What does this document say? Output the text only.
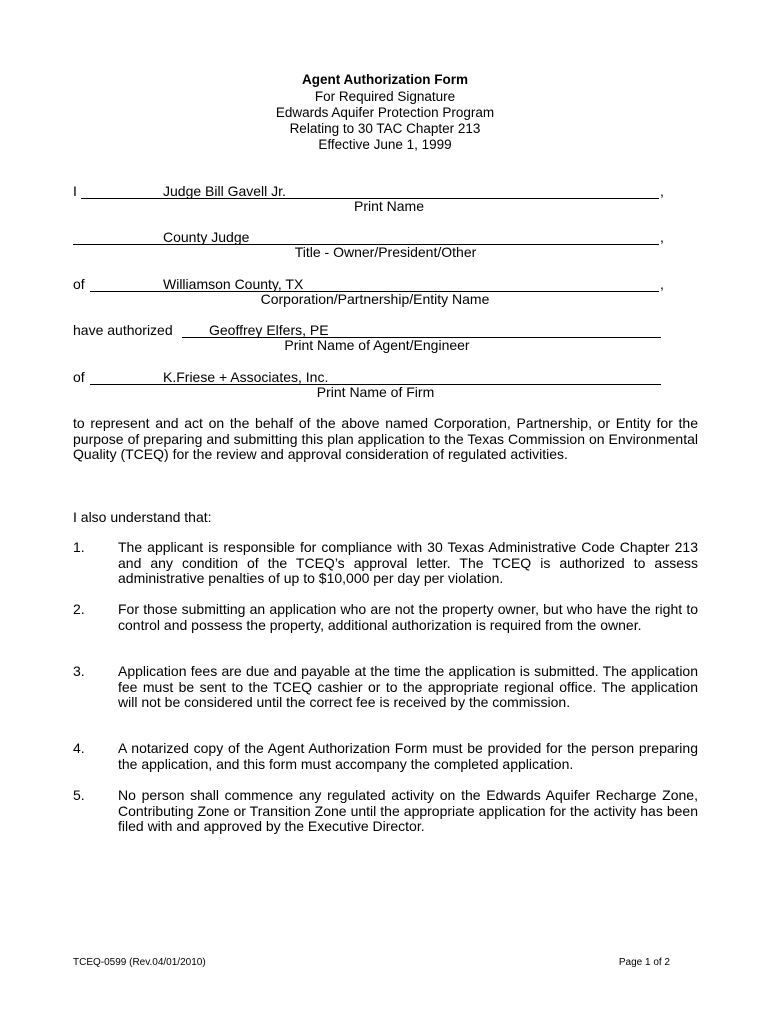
Agent Authorization Form
For Required Signature
Edwards Aquifer Protection Program
Relating to 30 TAC Chapter 213
Effective June 1, 1999
I	Judge Bill Gavell Jr.	,
Print Name
County Judge	,
Title - Owner/President/Other
of	Williamson County, TX	,
Corporation/Partnership/Entity Name
have authorized	Geoffrey Elfers, PE
Print Name of Agent/Engineer
of	K.Friese + Associates, Inc.
Print Name of Firm
to represent and act on the behalf of the above named Corporation, Partnership, or Entity for the purpose of preparing and submitting this plan application to the Texas Commission on Environmental Quality (TCEQ) for the review and approval consideration of regulated activities.
I also understand that:
1. The applicant is responsible for compliance with 30 Texas Administrative Code Chapter 213 and any condition of the TCEQ’s approval letter. The TCEQ is authorized to assess administrative penalties of up to $10,000 per day per violation.
2. For those submitting an application who are not the property owner, but who have the right to control and possess the property, additional authorization is required from the owner.
3. Application fees are due and payable at the time the application is submitted. The application fee must be sent to the TCEQ cashier or to the appropriate regional office. The application will not be considered until the correct fee is received by the commission.
4. A notarized copy of the Agent Authorization Form must be provided for the person preparing the application, and this form must accompany the completed application.
5. No person shall commence any regulated activity on the Edwards Aquifer Recharge Zone, Contributing Zone or Transition Zone until the appropriate application for the activity has been filed with and approved by the Executive Director.
TCEQ-0599 (Rev.04/01/2010)	Page 1 of 2
